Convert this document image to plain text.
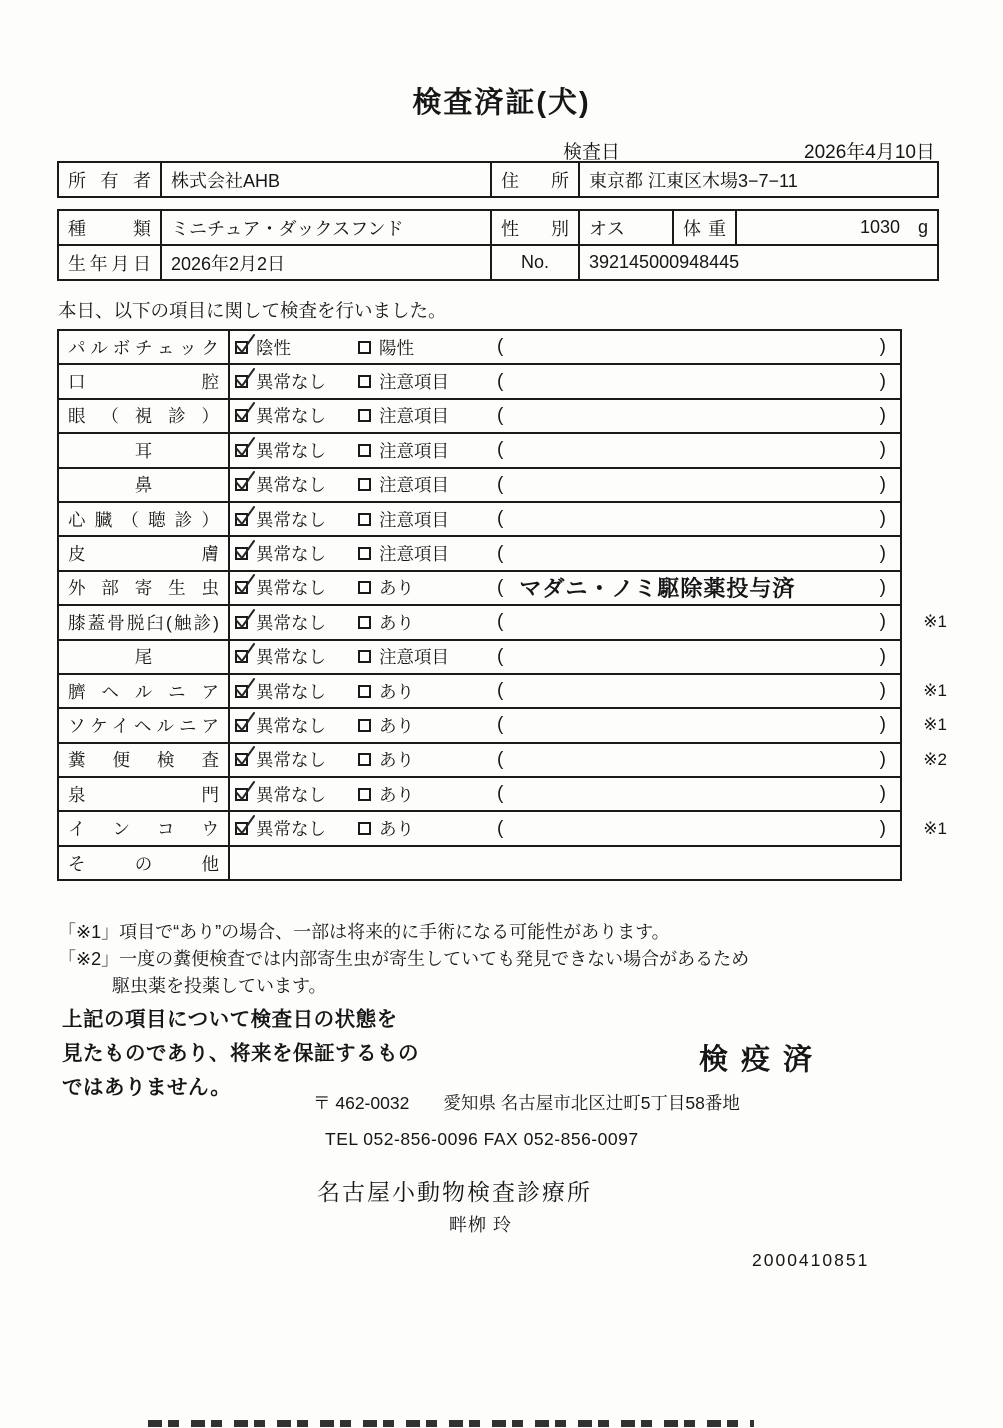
検査済証(犬)
検査日	2026年4月10日
所有者	株式会社AHB	住所	東京都 江東区木場3−7−11
種類	ミニチュア・ダックスフンド	性別	オス	体重	1030 g
生年月日	2026年2月2日	No.	392145000948445		
本日、以下の項目に関して検査を行いました。
パルボチェック	陰性	陽性	( )

口腔	異常なし	注意項目	( )

眼（視診）	異常なし	注意項目	( )

耳	異常なし	注意項目	( )

鼻	異常なし	注意項目	( )

心臓（聴診）	異常なし	注意項目	( )

皮膚	異常なし	注意項目	( )

外部寄生虫	異常なし	あり	( マダニ・ノミ駆除薬投与済 )

膝蓋骨脱臼(触診)	異常なし	あり	( ) ※1

尾	異常なし	注意項目	( )

臍ヘルニア	異常なし	あり	( ) ※1

ソケイヘルニア	異常なし	あり	( ) ※1

糞便検査	異常なし	あり	( ) ※2

泉門	異常なし	あり	( )

インコウ	異常なし	あり	( ) ※1

その他

「※1」項目で“あり”の場合、一部は将来的に手術になる可能性があります。
「※2」一度の糞便検査では内部寄生虫が寄生していても発見できない場合があるため
駆虫薬を投薬しています。
上記の項目について検査日の状態を
見たものであり、将来を保証するもの
ではありません。
検疫済
〒 462-0032 愛知県 名古屋市北区辻町5丁目58番地
TEL 052-856-0096 FAX 052-856-0097
名古屋小動物検査診療所
畔栁 玲
2000410851
